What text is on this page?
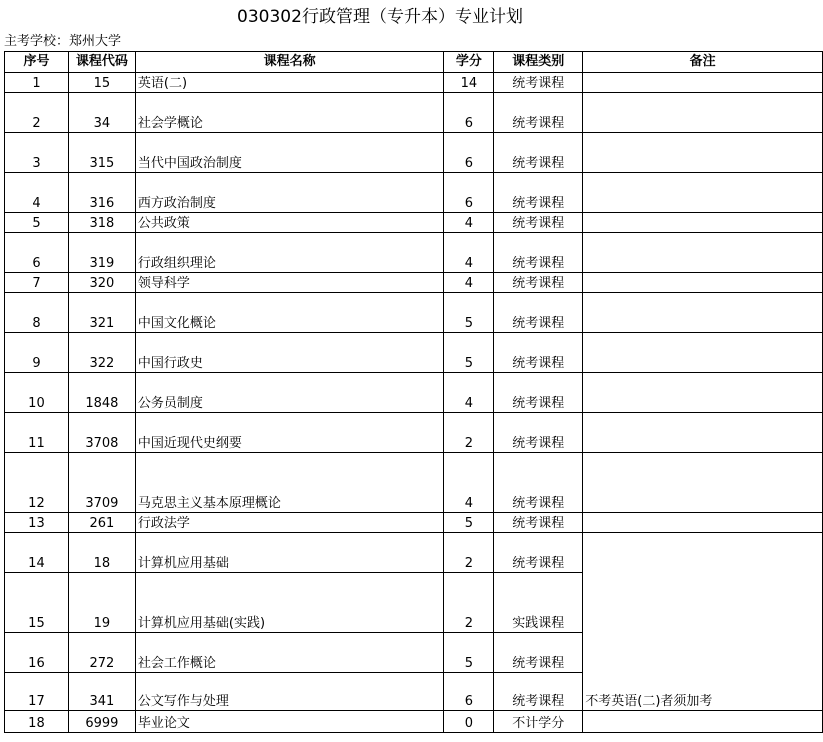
030302行政管理（专升本）专业计划
主考学校：郑州大学
序号	课程代码	课程名称	学分	课程类别	备注
1	15	英语(二)	14	统考课程	
2	34	社会学概论	6	统考课程	
3	315	当代中国政治制度	6	统考课程	
4	316	西方政治制度	6	统考课程	
5	318	公共政策	4	统考课程	
6	319	行政组织理论	4	统考课程	
7	320	领导科学	4	统考课程	
8	321	中国文化概论	5	统考课程	
9	322	中国行政史	5	统考课程	
10	1848	公务员制度	4	统考课程	
11	3708	中国近现代史纲要	2	统考课程	
12	3709	马克思主义基本原理概论	4	统考课程	
13	261	行政法学	5	统考课程	
14	18	计算机应用基础	2	统考课程	
15	19	计算机应用基础(实践)	2	实践课程	
16	272	社会工作概论	5	统考课程	
17	341	公文写作与处理	6	统考课程	不考英语(二)者须加考
18	6999	毕业论文	0	不计学分	
